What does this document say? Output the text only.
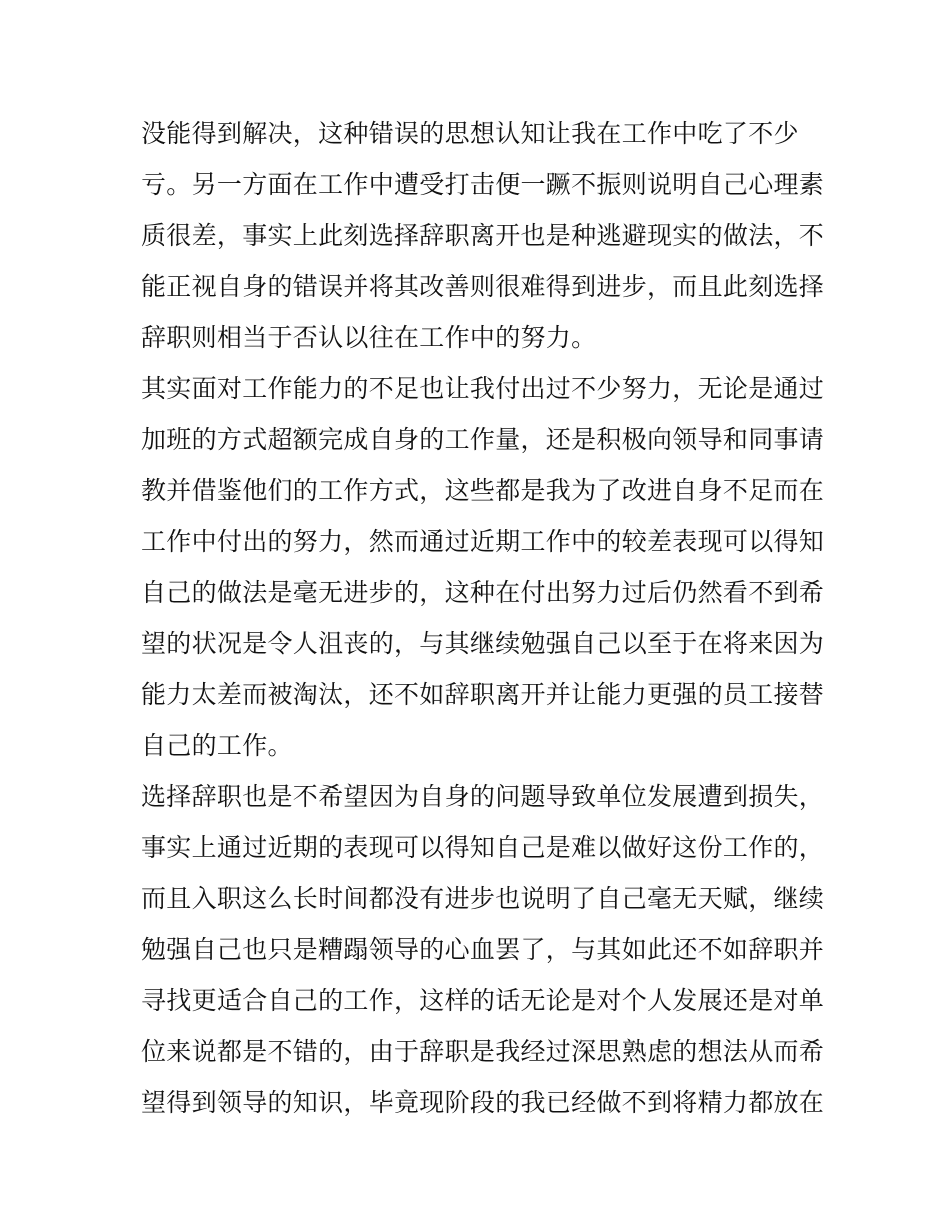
没能得到解决，这种错误的思想认知让我在工作中吃了不少
亏。另一方面在工作中遭受打击便一蹶不振则说明自己心理素
质很差，事实上此刻选择辞职离开也是种逃避现实的做法，不
能正视自身的错误并将其改善则很难得到进步，而且此刻选择
辞职则相当于否认以往在工作中的努力。
其实面对工作能力的不足也让我付出过不少努力，无论是通过
加班的方式超额完成自身的工作量，还是积极向领导和同事请
教并借鉴他们的工作方式，这些都是我为了改进自身不足而在
工作中付出的努力，然而通过近期工作中的较差表现可以得知
自己的做法是毫无进步的，这种在付出努力过后仍然看不到希
望的状况是令人沮丧的，与其继续勉强自己以至于在将来因为
能力太差而被淘汰，还不如辞职离开并让能力更强的员工接替
自己的工作。
选择辞职也是不希望因为自身的问题导致单位发展遭到损失，
事实上通过近期的表现可以得知自己是难以做好这份工作的，
而且入职这么长时间都没有进步也说明了自己毫无天赋，继续
勉强自己也只是糟蹋领导的心血罢了，与其如此还不如辞职并
寻找更适合自己的工作，这样的话无论是对个人发展还是对单
位来说都是不错的，由于辞职是我经过深思熟虑的想法从而希
望得到领导的知识，毕竟现阶段的我已经做不到将精力都放在
